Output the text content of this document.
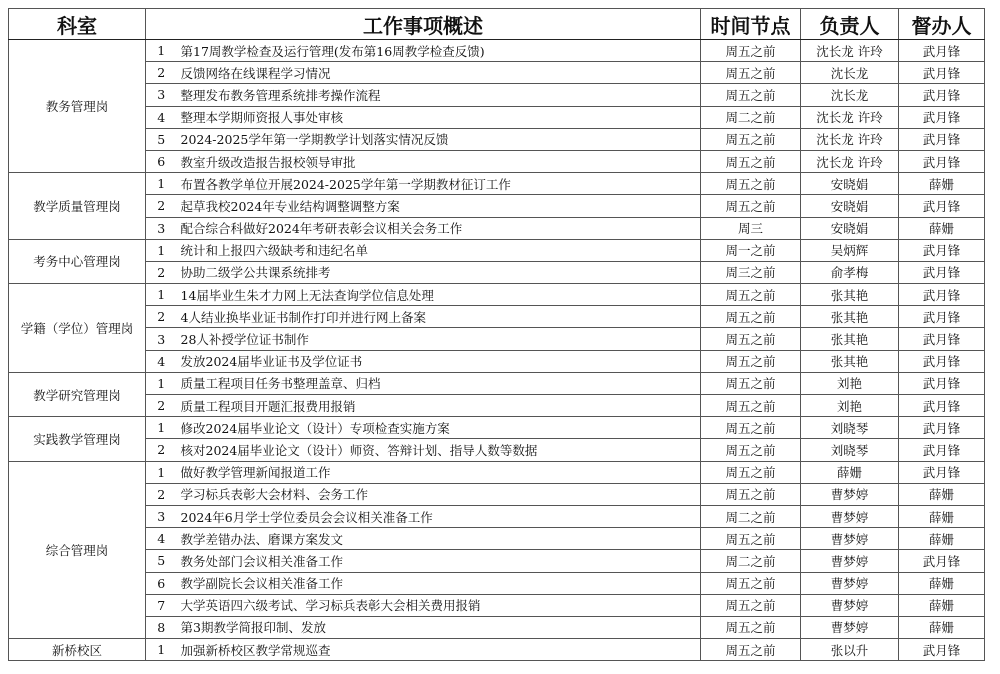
科室	工作事项概述		时间节点	负责人	督办人
教务管理岗	1	第17周教学检查及运行管理(发布第16周教学检查反馈)	周五之前	沈长龙 许玲	武月锋
	2	反馈网络在线课程学习情况	周五之前	沈长龙	武月锋
	3	整理发布教务管理系统排考操作流程	周五之前	沈长龙	武月锋
	4	整理本学期师资报人事处审核	周二之前	沈长龙 许玲	武月锋
	5	2024-2025学年第一学期教学计划落实情况反馈	周五之前	沈长龙 许玲	武月锋
	6	教室升级改造报告报校领导审批	周五之前	沈长龙 许玲	武月锋
教学质量管理岗	1	布置各教学单位开展2024-2025学年第一学期教材征订工作	周五之前	安晓娟	薛姗
	2	起草我校2024年专业结构调整调整方案	周五之前	安晓娟	武月锋
	3	配合综合科做好2024年考研表彰会议相关会务工作	周三	安晓娟	薛姗
考务中心管理岗	1	统计和上报四六级缺考和违纪名单	周一之前	吴炳辉	武月锋
	2	协助二级学公共课系统排考	周三之前	俞孝梅	武月锋
学籍（学位）管理岗	1	14届毕业生朱才力网上无法查询学位信息处理	周五之前	张其艳	武月锋
	2	4人结业换毕业证书制作打印并进行网上备案	周五之前	张其艳	武月锋
	3	28人补授学位证书制作	周五之前	张其艳	武月锋
	4	发放2024届毕业证书及学位证书	周五之前	张其艳	武月锋
教学研究管理岗	1	质量工程项目任务书整理盖章、归档	周五之前	刘艳	武月锋
	2	质量工程项目开题汇报费用报销	周五之前	刘艳	武月锋
实践教学管理岗	1	修改2024届毕业论文（设计）专项检查实施方案	周五之前	刘晓琴	武月锋
	2	核对2024届毕业论文（设计）师资、答辩计划、指导人数等数据	周五之前	刘晓琴	武月锋
综合管理岗	1	做好教学管理新闻报道工作	周五之前	薛姗	武月锋
	2	学习标兵表彰大会材料、会务工作	周五之前	曹梦婷	薛姗
	3	2024年6月学士学位委员会会议相关准备工作	周二之前	曹梦婷	薛姗
	4	教学差错办法、磨课方案发文	周五之前	曹梦婷	薛姗
	5	教务处部门会议相关准备工作	周二之前	曹梦婷	武月锋
	6	教学副院长会议相关准备工作	周五之前	曹梦婷	薛姗
	7	大学英语四六级考试、学习标兵表彰大会相关费用报销	周五之前	曹梦婷	薛姗
	8	第3期教学简报印制、发放	周五之前	曹梦婷	薛姗
新桥校区	1	加强新桥校区教学常规巡查	周五之前	张以升	武月锋
